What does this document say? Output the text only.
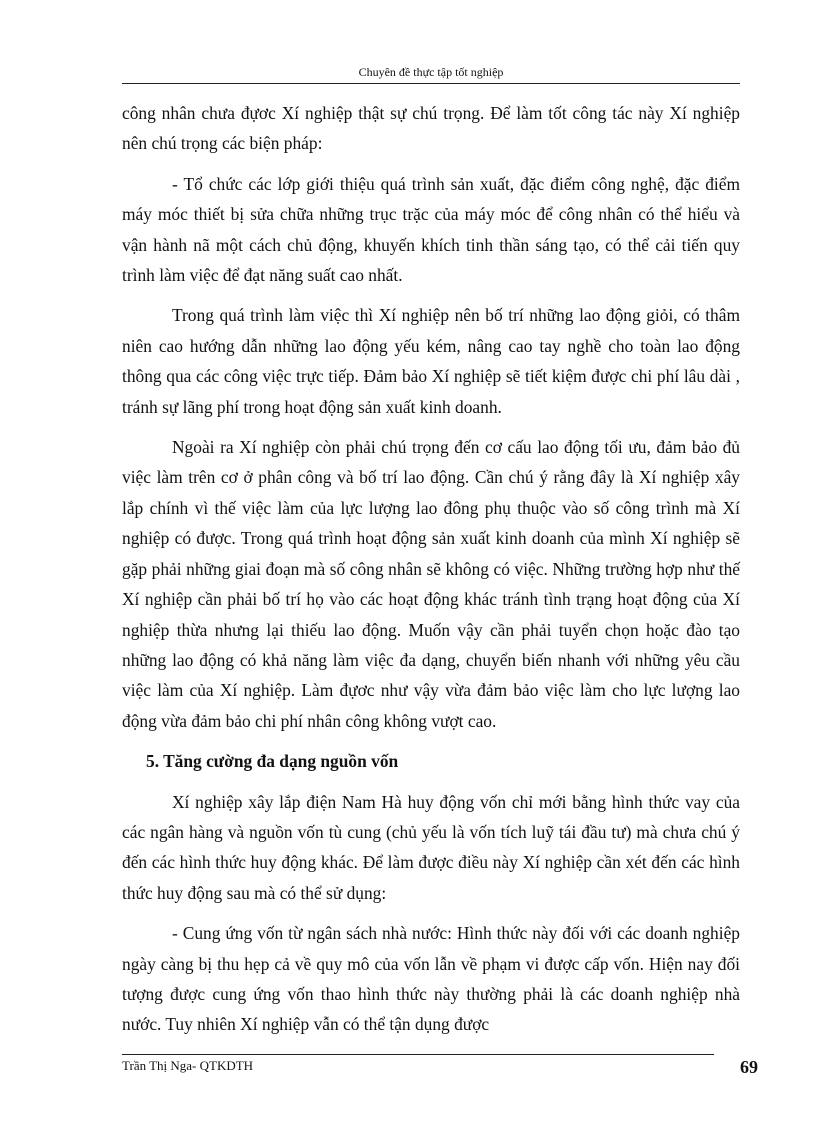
Chuyên đề thực tập tốt nghiệp

công nhân chưa đựơc Xí nghiệp thật sự chú trọng. Để làm tốt công tác này Xí nghiệp nên chú trọng các biện pháp:

- Tổ chức các lớp giới thiệu quá trình sản xuất, đặc điểm công nghệ, đặc điểm máy móc thiết bị sửa chữa những trục trặc của máy móc để công nhân có thể hiểu và vận hành nã một cách chủ động, khuyến khích tinh thần sáng tạo, có thể cải tiến quy trình làm việc để đạt năng suất cao nhất.

Trong quá trình làm việc thì Xí nghiệp nên bố trí những lao động giỏi, có thâm niên cao hướng dẫn những lao động yếu kém, nâng cao tay nghề cho toàn lao động thông qua các công việc trực tiếp. Đảm bảo Xí nghiệp sẽ tiết kiệm được chi phí lâu dài , tránh sự lãng phí trong hoạt động sản xuất kinh doanh.

Ngoài ra Xí nghiệp còn phải chú trọng đến cơ cấu lao động tối ưu, đảm bảo đủ việc làm trên cơ ở phân công và bố trí lao động. Cần chú ý rằng đây là Xí nghiệp xây lắp chính vì thế việc làm của lực lượng lao đông phụ thuộc vào số công trình mà Xí nghiệp có được. Trong quá trình hoạt động sản xuất kinh doanh của mình Xí nghiệp sẽ gặp phải những giai đoạn mà số công nhân sẽ không có việc. Những trường hợp như thế Xí nghiệp cần phải bố trí họ vào các hoạt động khác tránh tình trạng hoạt động của Xí nghiệp thừa nhưng lại thiếu lao động. Muốn vậy cần phải tuyển chọn hoặc đào tạo những lao động có khả năng làm việc đa dạng, chuyển biến nhanh với những yêu cầu việc làm của Xí nghiệp. Làm đựơc như vậy vừa đảm bảo việc làm cho lực lượng lao động vừa đảm bảo chi phí nhân công không vượt cao.

5. Tăng cường đa dạng nguồn vốn

Xí nghiệp xây lắp điện Nam Hà huy động vốn chỉ mới bằng hình thức vay của các ngân hàng và nguồn vốn tù cung (chủ yếu là vốn tích luỹ tái đầu tư) mà chưa chú ý đến các hình thức huy động khác. Để làm được điều này Xí nghiệp cần xét đến các hình thức huy động sau mà có thể sử dụng:

- Cung ứng vốn từ ngân sách nhà nước: Hình thức này đối với các doanh nghiệp ngày càng bị thu hẹp cả về quy mô của vốn lẫn về phạm vi được cấp vốn. Hiện nay đối tượng được cung ứng vốn thao hình thức này thường phải là các doanh nghiệp nhà nước. Tuy nhiên Xí nghiệp vẫn có thể tận dụng được

Trần Thị Nga- QTKDTH	69
